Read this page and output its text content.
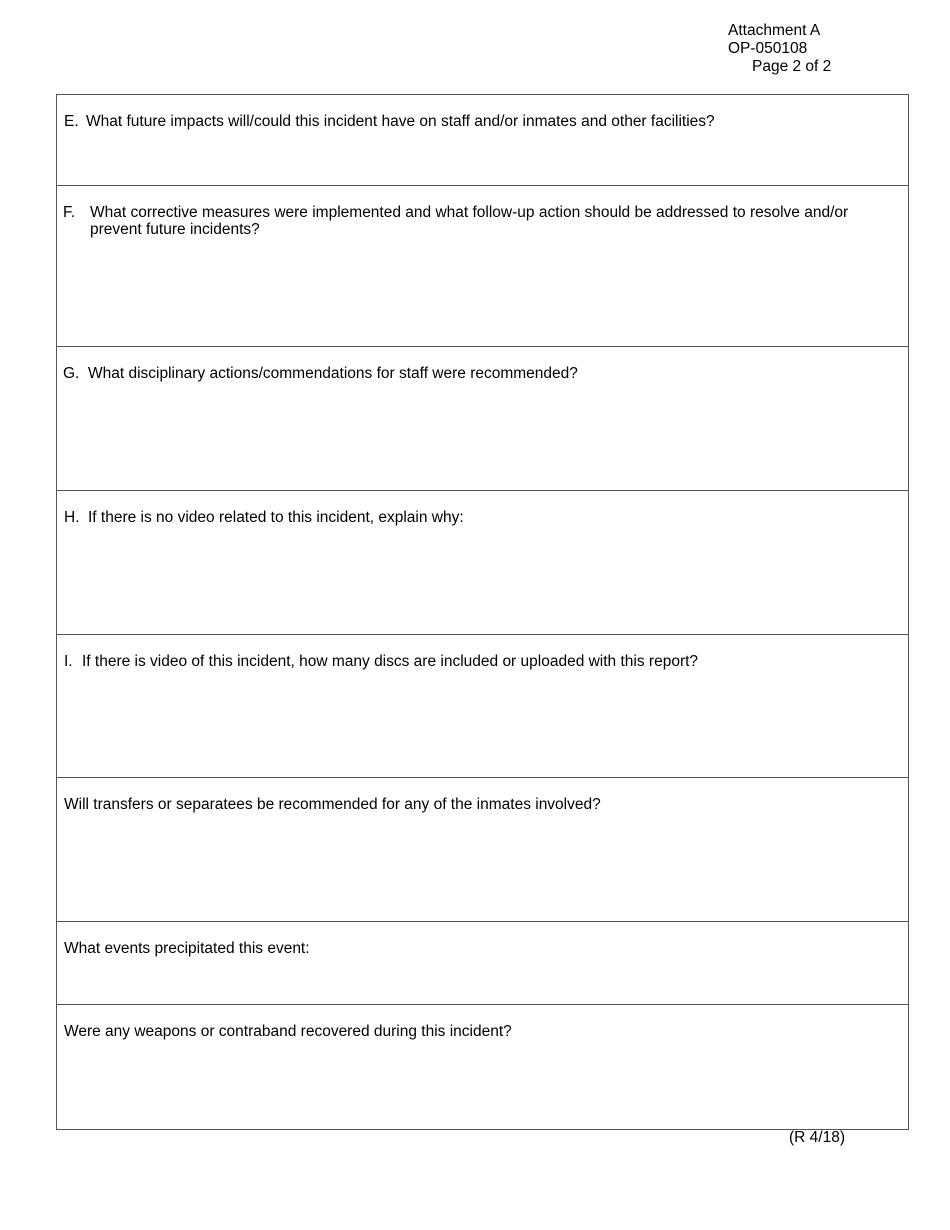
Attachment A
OP-050108
Page 2 of 2
E. What future impacts will/could this incident have on staff and/or inmates and other facilities?
F. What corrective measures were implemented and what follow-up action should be addressed to resolve and/or prevent future incidents?
G. What disciplinary actions/commendations for staff were recommended?
H. If there is no video related to this incident, explain why:
I. If there is video of this incident, how many discs are included or uploaded with this report?
Will transfers or separatees be recommended for any of the inmates involved?
What events precipitated this event:
Were any weapons or contraband recovered during this incident?
(R 4/18)
